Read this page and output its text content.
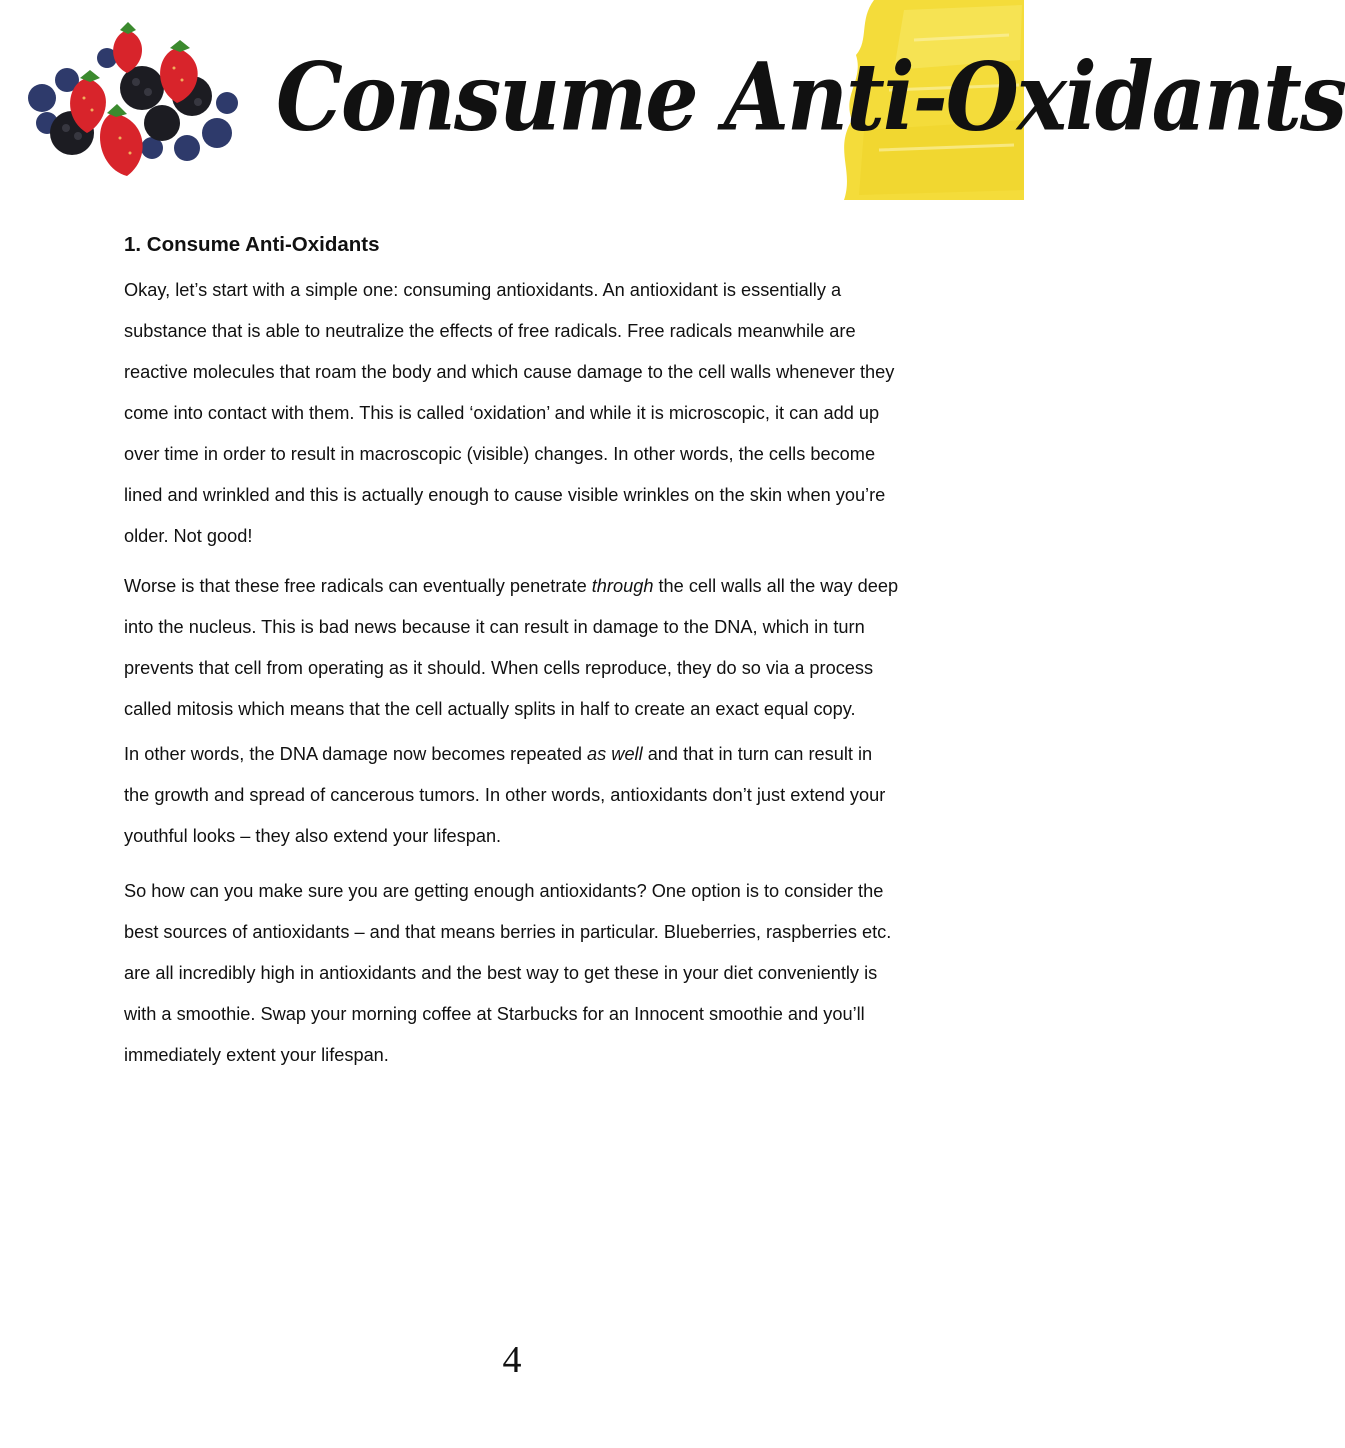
Consume Anti-Oxidants
1. Consume Anti-Oxidants

Okay, let’s start with a simple one: consuming antioxidants. An antioxidant is essentially a substance that is able to neutralize the effects of free radicals. Free radicals meanwhile are reactive molecules that roam the body and which cause damage to the cell walls whenever they come into contact with them. This is called ‘oxidation’ and while it is microscopic, it can add up over time in order to result in macroscopic (visible) changes. In other words, the cells become lined and wrinkled and this is actually enough to cause visible wrinkles on the skin when you’re older. Not good!

Worse is that these free radicals can eventually penetrate through the cell walls all the way deep into the nucleus. This is bad news because it can result in damage to the DNA, which in turn prevents that cell from operating as it should. When cells reproduce, they do so via a process called mitosis which means that the cell actually splits in half to create an exact equal copy.

In other words, the DNA damage now becomes repeated as well and that in turn can result in the growth and spread of cancerous tumors. In other words, antioxidants don’t just extend your youthful looks – they also extend your lifespan.

So how can you make sure you are getting enough antioxidants? One option is to consider the best sources of antioxidants – and that means berries in particular. Blueberries, raspberries etc. are all incredibly high in antioxidants and the best way to get these in your diet conveniently is with a smoothie. Swap your morning coffee at Starbucks for an Innocent smoothie and you’ll immediately extent your lifespan.

4
